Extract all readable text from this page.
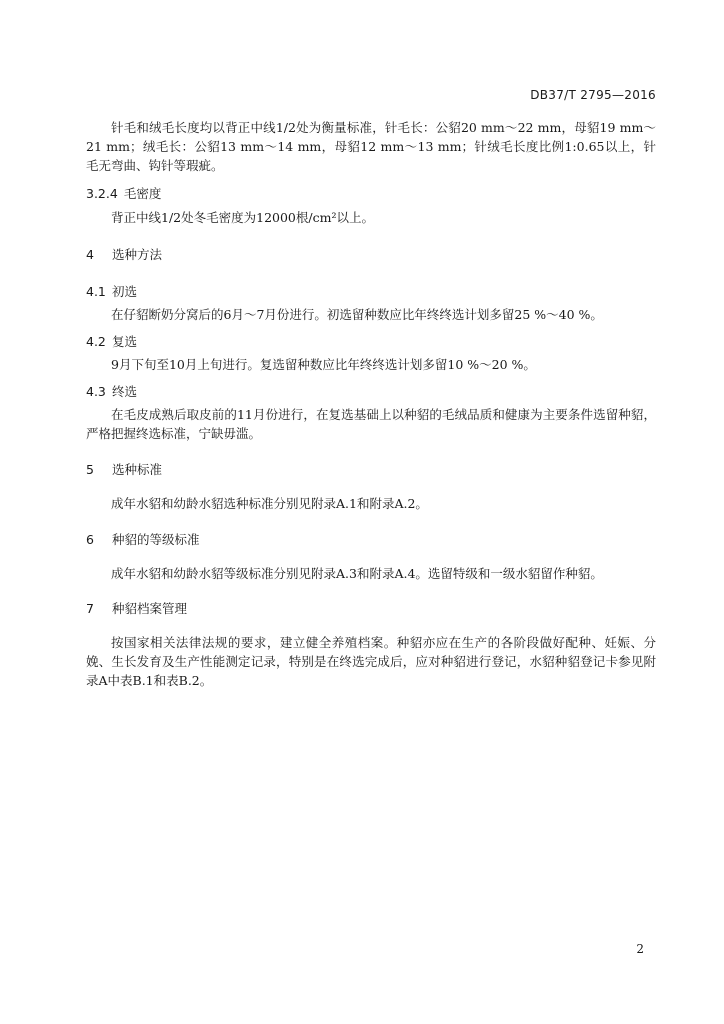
DB37/T 2795—2016

针毛和绒毛长度均以背正中线1/2处为衡量标准，针毛长：公貂20 mm～22 mm，母貂19 mm～21 mm；绒毛长：公貂13 mm～14 mm，母貂12 mm～13 mm；针绒毛长度比例1:0.65以上，针毛无弯曲、钩针等瑕疵。

3.2.4 毛密度

背正中线1/2处冬毛密度为12000根/cm²以上。

4 选种方法

4.1 初选

在仔貂断奶分窝后的6月～7月份进行。初选留种数应比年终终选计划多留25 %～40 %。

4.2 复选

9月下旬至10月上旬进行。复选留种数应比年终终选计划多留10 %～20 %。

4.3 终选

在毛皮成熟后取皮前的11月份进行，在复选基础上以种貂的毛绒品质和健康为主要条件选留种貂，严格把握终选标准，宁缺毋滥。

5 选种标准

成年水貂和幼龄水貂选种标准分别见附录A.1和附录A.2。

6 种貂的等级标准

成年水貂和幼龄水貂等级标准分别见附录A.3和附录A.4。选留特级和一级水貂留作种貂。

7 种貂档案管理

按国家相关法律法规的要求，建立健全养殖档案。种貂亦应在生产的各阶段做好配种、妊娠、分娩、生长发育及生产性能测定记录，特别是在终选完成后，应对种貂进行登记，水貂种貂登记卡参见附录A中表B.1和表B.2。

2
